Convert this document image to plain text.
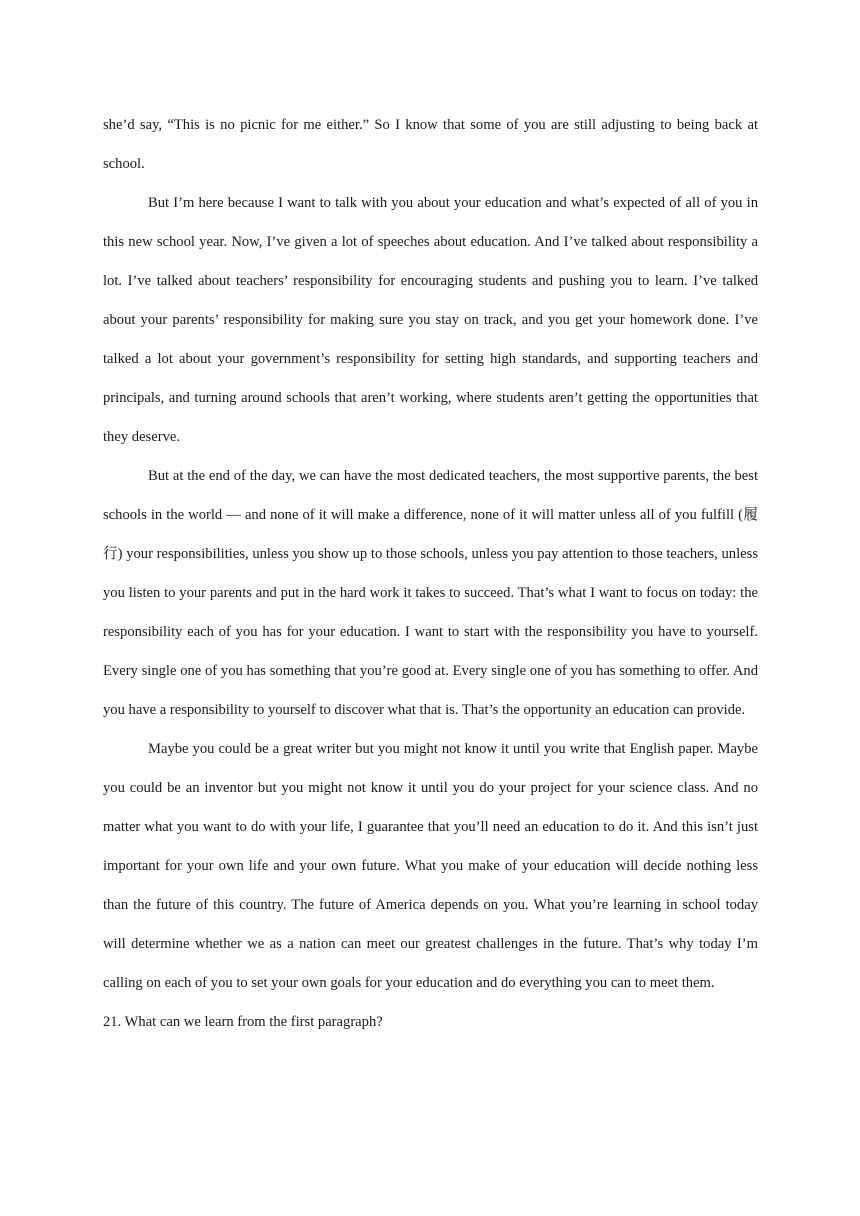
she’d say, “This is no picnic for me either.” So I know that some of you are still adjusting to being back at school.

But I’m here because I want to talk with you about your education and what’s expected of all of you in this new school year. Now, I’ve given a lot of speeches about education. And I’ve talked about responsibility a lot. I’ve talked about teachers’ responsibility for encouraging students and pushing you to learn. I’ve talked about your parents’ responsibility for making sure you stay on track, and you get your homework done. I’ve talked a lot about your government’s responsibility for setting high standards, and supporting teachers and principals, and turning around schools that aren’t working, where students aren’t getting the opportunities that they deserve.

But at the end of the day, we can have the most dedicated teachers, the most supportive parents, the best schools in the world — and none of it will make a difference, none of it will matter unless all of you fulfill (履行) your responsibilities, unless you show up to those schools, unless you pay attention to those teachers, unless you listen to your parents and put in the hard work it takes to succeed. That’s what I want to focus on today: the responsibility each of you has for your education. I want to start with the responsibility you have to yourself. Every single one of you has something that you’re good at. Every single one of you has something to offer. And you have a responsibility to yourself to discover what that is. That’s the opportunity an education can provide.

Maybe you could be a great writer but you might not know it until you write that English paper. Maybe you could be an inventor but you might not know it until you do your project for your science class. And no matter what you want to do with your life, I guarantee that you’ll need an education to do it. And this isn’t just important for your own life and your own future. What you make of your education will decide nothing less than the future of this country. The future of America depends on you. What you’re learning in school today will determine whether we as a nation can meet our greatest challenges in the future. That’s why today I’m calling on each of you to set your own goals for your education and do everything you can to meet them.

21. What can we learn from the first paragraph?
